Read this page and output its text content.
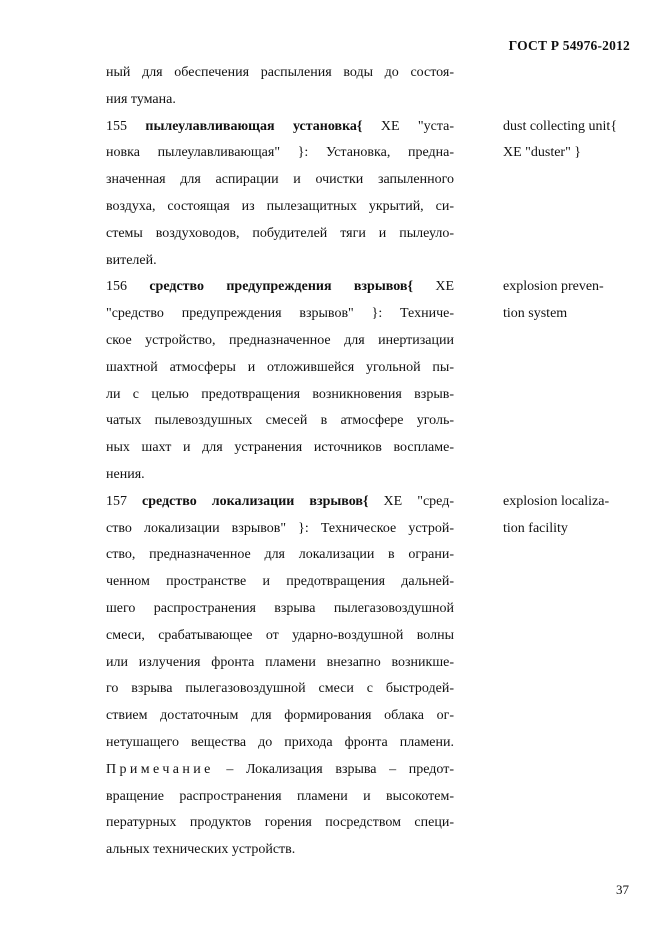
ГОСТ Р 54976-2012
ный для обеспечения распыления воды до состоя-
ния тумана.
155 пылеулавливающая установка{ XE "уста-
новка пылеулавливающая" }: Установка, предна-
значенная для аспирации и очистки запыленного
воздуха, состоящая из пылезащитных укрытий, си-
стемы воздуховодов, побудителей тяги и пылеуло-
вителей.
dust collecting unit{
XE "duster" }
156 средство предупреждения взрывов{ XE
"средство предупреждения взрывов" }: Техниче-
ское устройство, предназначенное для инертизации
шахтной атмосферы и отложившейся угольной пы-
ли с целью предотвращения возникновения взрыв-
чатых пылевоздушных смесей в атмосфере уголь-
ных шахт и для устранения источников воспламе-
нения.
explosion preven-
tion system
157 средство локализации взрывов{ XE "сред-
ство локализации взрывов" }: Техническое устрой-
ство, предназначенное для локализации в ограни-
ченном пространстве и предотвращения дальней-
шего распространения взрыва пылегазовоздушной
смеси, срабатывающее от ударно-воздушной волны
или излучения фронта пламени внезапно возникше-
го взрыва пылегазовоздушной смеси с быстродей-
ствием достаточным для формирования облака ог-
нетушащего вещества до прихода фронта пламени.
Примечание – Локализация взрыва – предот-
вращение распространения пламени и высокотем-
пературных продуктов горения посредством специ-
альных технических устройств.
explosion localiza-
tion facility
37
